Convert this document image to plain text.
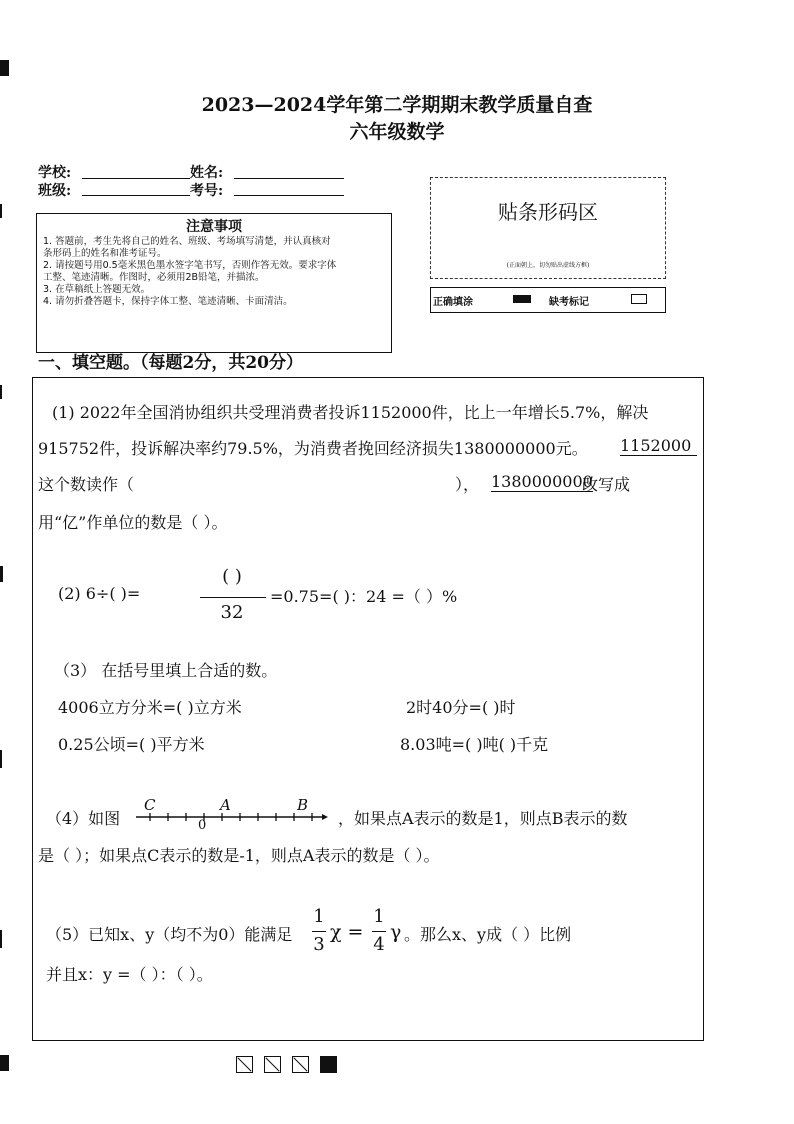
2023—2024学年第二学期期末教学质量自查
六年级数学
学校:	姓名:
班级:	考号:
注意事项

1. 答题前，考生先将自己的姓名、班级、考场填写清楚，并认真核对

条形码上的姓名和准考证号。

2. 请按题号用0.5毫米黑色墨水签字笔书写，否则作答无效。要求字体

工整、笔迹清晰。作图时，必须用2B铅笔，并描浓。

3. 在草稿纸上答题无效。

4. 请勿折叠答题卡，保持字体工整、笔迹清晰、卡面清洁。

贴条形码区
(正面朝上，切勿贴出虚线方框)
正确填涂	缺考标记
一、填空题。（每题2分，共20分）
(1) 2022年全国消协组织共受理消费者投诉1152000件，比上一年增长5.7%，解决
915752件，投诉解决率约79.5%，为消费者挽回经济损失1380000000元。 1152000
这个数读作（	）， 1380000000
改写成
用“亿”作单位的数是（ ）。
(2) 6÷( )=
( )
32
=0.75=( )：24 =（ ）%
（3） 在括号里填上合适的数。
4006立方分米=( )立方米	2时40分=( )时
0.25公顷=( )平方米	8.03吨=( )吨( )千克
（4）如图
C	A	B
0	，如果点A表示的数是1，则点B表示的数
是（ ）；如果点C表示的数是-1，则点A表示的数是（ ）。
（5）已知x、y（均不为0）能满足
1
3
χ =
1
4
γ 。那么x、y成（ ）比例
并且x：y =（ ）：（ ）。
